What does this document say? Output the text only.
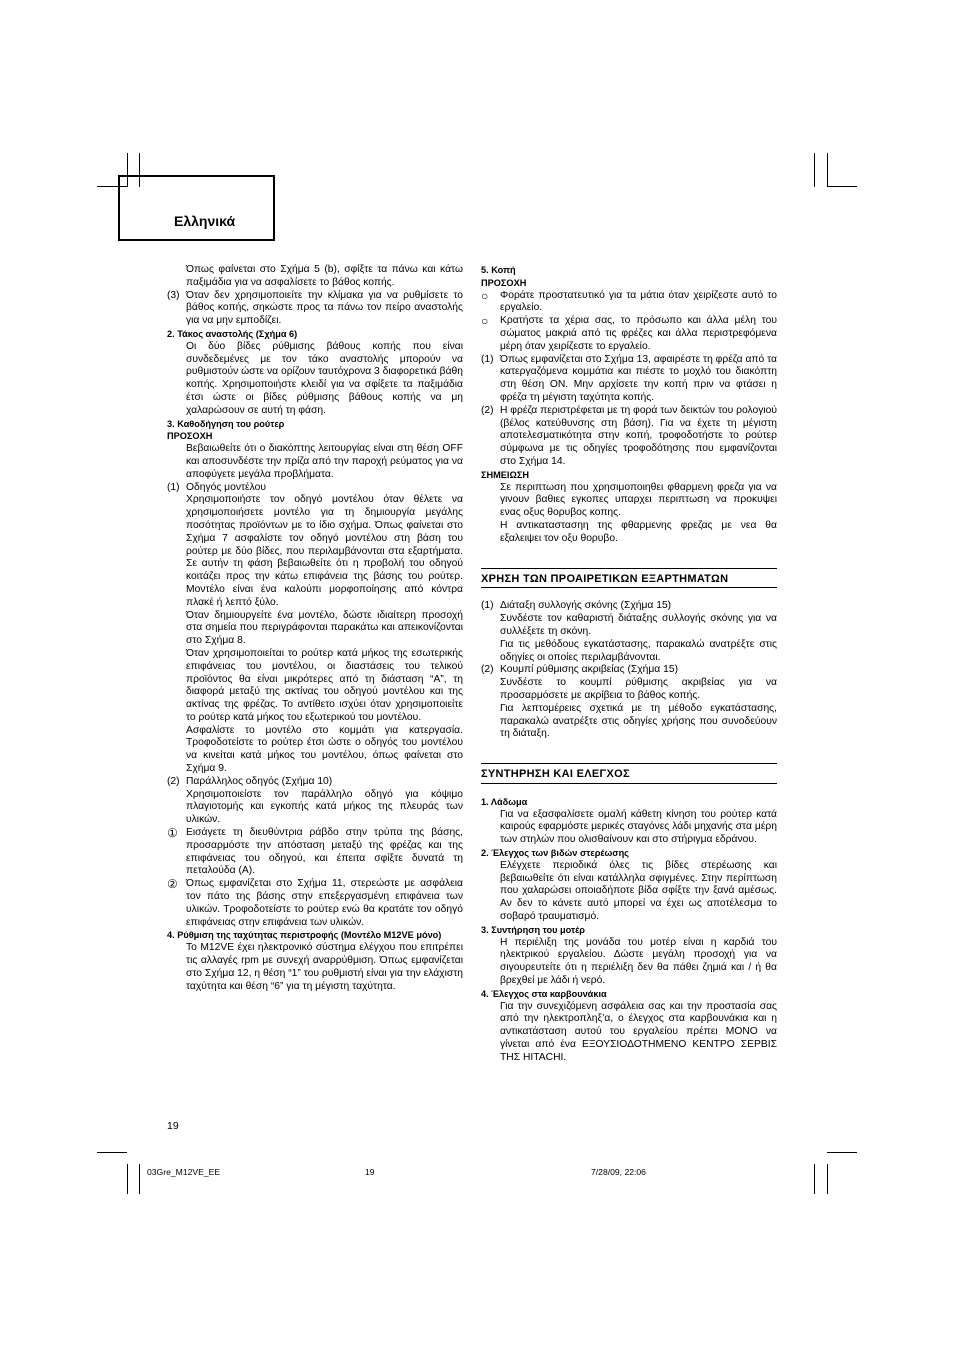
Ελληνικά

Όπως φαίνεται στο Σχήμα 5 (b), σφίξτε τα πάνω και κάτω παξιμάδια για να ασφαλίσετε το βάθος κοπής.

(3) Όταν δεν χρησιμοποιείτε την κλίμακα για να ρυθμίσετε το βάθος κοπής, σηκώστε προς τα πάνω τον πείρο αναστολής για να μην εμποδίζει.

2. Τάκος αναστολής (Σχήμα 6)

Οι δύο βίδες ρύθμισης βάθους κοπής που είναι συνδεδεμένες με τον τάκο αναστολής μπορούν να ρυθμιστούν ώστε να ορίζουν ταυτόχρονα 3 διαφορετικά βάθη κοπής. Χρησιμοποιήστε κλειδί για να σφίξετε τα παξιμάδια έτσι ώστε οι βίδες ρύθμισης βάθους κοπής να μη χαλαρώσουν σε αυτή τη φάση.

3. Καθοδήγηση του ρούτερ

ΠΡΟΣΟΧΗ

Βεβαιωθείτε ότι ο διακόπτης λειτουργίας είναι στη θέση OFF και αποσυνδέστε την πρίζα από την παροχή ρεύματος για να αποφύγετε μεγάλα προβλήματα.

(1) Οδηγός μοντέλου

Χρησιμοποιήστε τον οδηγό μοντέλου όταν θέλετε να χρησιμοποιήσετε μοντέλο για τη δημιουργία μεγάλης ποσότητας προϊόντων με το ίδιο σχήμα. Όπως φαίνεται στο Σχήμα 7 ασφαλίστε τον οδηγό μοντέλου στη βάση του ρούτερ με δύο βίδες, που περιλαμβάνονται στα εξαρτήματα. Σε αυτήν τη φάση βεβαιωθείτε ότι η προβολή του οδηγού κοιτάζει προς την κάτω επιφάνεια της βάσης του ρούτερ. Μοντέλο είναι ένα καλούπι μορφοποίησης από κόντρα πλακέ ή λεπτό ξύλο.

Όταν δημιουργείτε ένα μοντέλο, δώστε ιδιαίτερη προσοχή στα σημεία που περιγράφονται παρακάτω και απεικονίζονται στο Σχήμα 8.

Όταν χρησιμοποιείται το ρούτερ κατά μήκος της εσωτερικής επιφάνειας του μοντέλου, οι διαστάσεις του τελικού προϊόντος θα είναι μικρότερες από τη διάσταση “A”, τη διαφορά μεταξύ της ακτίνας του οδηγού μοντέλου και της ακτίνας της φρέζας. Το αντίθετο ισχύει όταν χρησιμοποιείτε το ρούτερ κατά μήκος του εξωτερικού του μοντέλου.

Ασφαλίστε το μοντέλο στο κομμάτι για κατεργασία. Τροφοδοτείστε το ρούτερ έτσι ώστε ο οδηγός του μοντέλου να κινείται κατά μήκος του μοντέλου, όπως φαίνεται στο Σχήμα 9.

(2) Παράλληλος οδηγός (Σχήμα 10)

Χρησιμοποιείστε τον παράλληλο οδηγό για κόψιμο πλαγιοτομής και εγκοπής κατά μήκος της πλευράς των υλικών.

① Εισάγετε τη διευθύντρια ράβδο στην τρύπα της βάσης, προσαρμόστε την απόσταση μεταξύ της φρέζας και της επιφάνειας του οδηγού, και έπειτα σφίξτε δυνατά τη πεταλούδα (A).
② Όπως εμφανίζεται στο Σχήμα 11, στερεώστε με ασφάλεια τον πάτο της βάσης στην επεξεργασμένη επιφάνεια των υλικών. Τροφοδοτείστε το ρούτερ ενώ θα κρατάτε τον οδηγό επιφάνειας στην επιφάνεια των υλικών.

4. Ρύθμιση της ταχύτητας περιστροφής (Μοντέλο M12VE μόνο)

Το M12VE έχει ηλεκτρονικό σύστημα ελέγχου που επιτρέπει τις αλλαγές rpm με συνεχή αναρρύθμιση. Όπως εμφανίζεται στο Σχήμα 12, η θέση “1” του ρυθμιστή είναι για την ελάχιστη ταχύτητα και θέση “6” για τη μέγιστη ταχύτητα.

5. Κοπή

ΠΡΟΣΟΧΗ

○	Φοράτε προστατευτικό για τα μάτια όταν χειρίζεστε αυτό το εργαλείο.
○	Κρατήστε τα χέρια σας, το πρόσωπο και άλλα μέλη του σώματος μακριά από τις φρέζες και άλλα περιστρεφόμενα μέρη όταν χειρίζεστε το εργαλείο.
(1) Όπως εμφανίζεται στο Σχήμα 13, αφαιρέστε τη φρέζα από τα κατεργαζόμενα κομμάτια και πιέστε το μοχλό του διακόπτη στη θέση ON. Μην αρχίσετε την κοπή πριν να φτάσει η φρέζα τη μέγιστη ταχύτητα κοπής.
(2) Η φρέζα περιστρέφεται με τη φορά των δεικτών του ρολογιού (βέλος κατεύθυνσης στη βάση). Για να έχετε τη μέγιστη αποτελεσματικότητα στην κοπή, τροφοδοτήστε το ρούτερ σύμφωνα με τις οδηγίες τροφοδότησης που εμφανίζονται στο Σχήμα 14.

ΣΗΜΕΙΩΣΗ

Σε περιπτωση που χρησιμοποιηθει φθαρμενη φρεζα για να γινουν βαθιες εγκοπες υπαρχει περιπτωση να προκυψει ενας οξυς θορυβος κοπης.

Η αντικαταστασηη της φθαρμενης φρεζας με νεα θα εξαλειψει τον οξυ θορυβο.

ΧΡΗΣΗ ΤΩΝ ΠΡΟΑΙΡΕΤΙΚΩΝ ΕΞΑΡΤΗΜΑΤΩΝ
(1) Διάταξη συλλογής σκόνης (Σχήμα 15)

Συνδέστε τον καθαριστή διάταξης συλλογής σκόνης για να συλλέξετε τη σκόνη.

Για τις μεθόδους εγκατάστασης, παρακαλώ ανατρέξτε στις οδηγίες οι οποίες περιλαμβάνονται.

(2) Κουμπί ρύθμισης ακριβείας (Σχήμα 15)

Συνδέστε το κουμπί ρύθμισης ακριβείας για να προσαρμόσετε με ακρίβεια το βάθος κοπής.

Για λεπτομέρειες σχετικά με τη μέθοδο εγκατάστασης, παρακαλώ ανατρέξτε στις οδηγίες χρήσης που συνοδεύουν τη διάταξη.

ΣΥΝΤΗΡΗΣΗ ΚΑΙ ΕΛΕΓΧΟΣ

1. Λάδωμα

Για να εξασφαλίσετε ομαλή κάθετη κίνηση του ρούτερ κατά καιρούς εφαρμόστε μερικές σταγόνες λάδι μηχανής στα μέρη των στηλών που ολισθαίνουν και στο στήριγμα εδράνου.

2. Έλεγχος των βιδών στερέωσης

Ελέγχετε περιοδικά όλες τις βίδες στερέωσης και βεβαιωθείτε ότι είναι κατάλληλα σφιγμένες. Στην περίπτωση που χαλαρώσει οποιαδήποτε βίδα σφίξτε την ξανά αμέσως. Αν δεν το κάνετε αυτό μπορεί να έχει ως αποτέλεσμα το σοβαρό τραυματισμό.

3. Συντήρηση του μοτέρ

Η περιέλιξη της μονάδα του μοτέρ είναι η καρδιά του ηλεκτρικού εργαλείου. Δώστε μεγάλη προσοχή για να σιγουρευτείτε ότι η περιέλιξη δεν θα πάθει ζημιά και / ή θα βρεχθεί με λάδι ή νερό.

4. Έλεγχος στα καρβουνάκια

Για την συνεχιζόμενη ασφάλεια σας και την προστασία σας από την ηλεκτροπληξ’α, ο έλεγχος στα καρβουνάκια και η αντικατάσταση αυτού του εργαλείου πρέπει ΜΟΝΟ να γίνεται από ένα ΕΞΟΥΣΙΟΔΟΤΗΜΕΝΟ ΚΕΝΤΡΟ ΣΕΡΒΙΣ ΤΗΣ HITACHI.

19
03Gre_M12VE_EE	19	7/28/09, 22:06
